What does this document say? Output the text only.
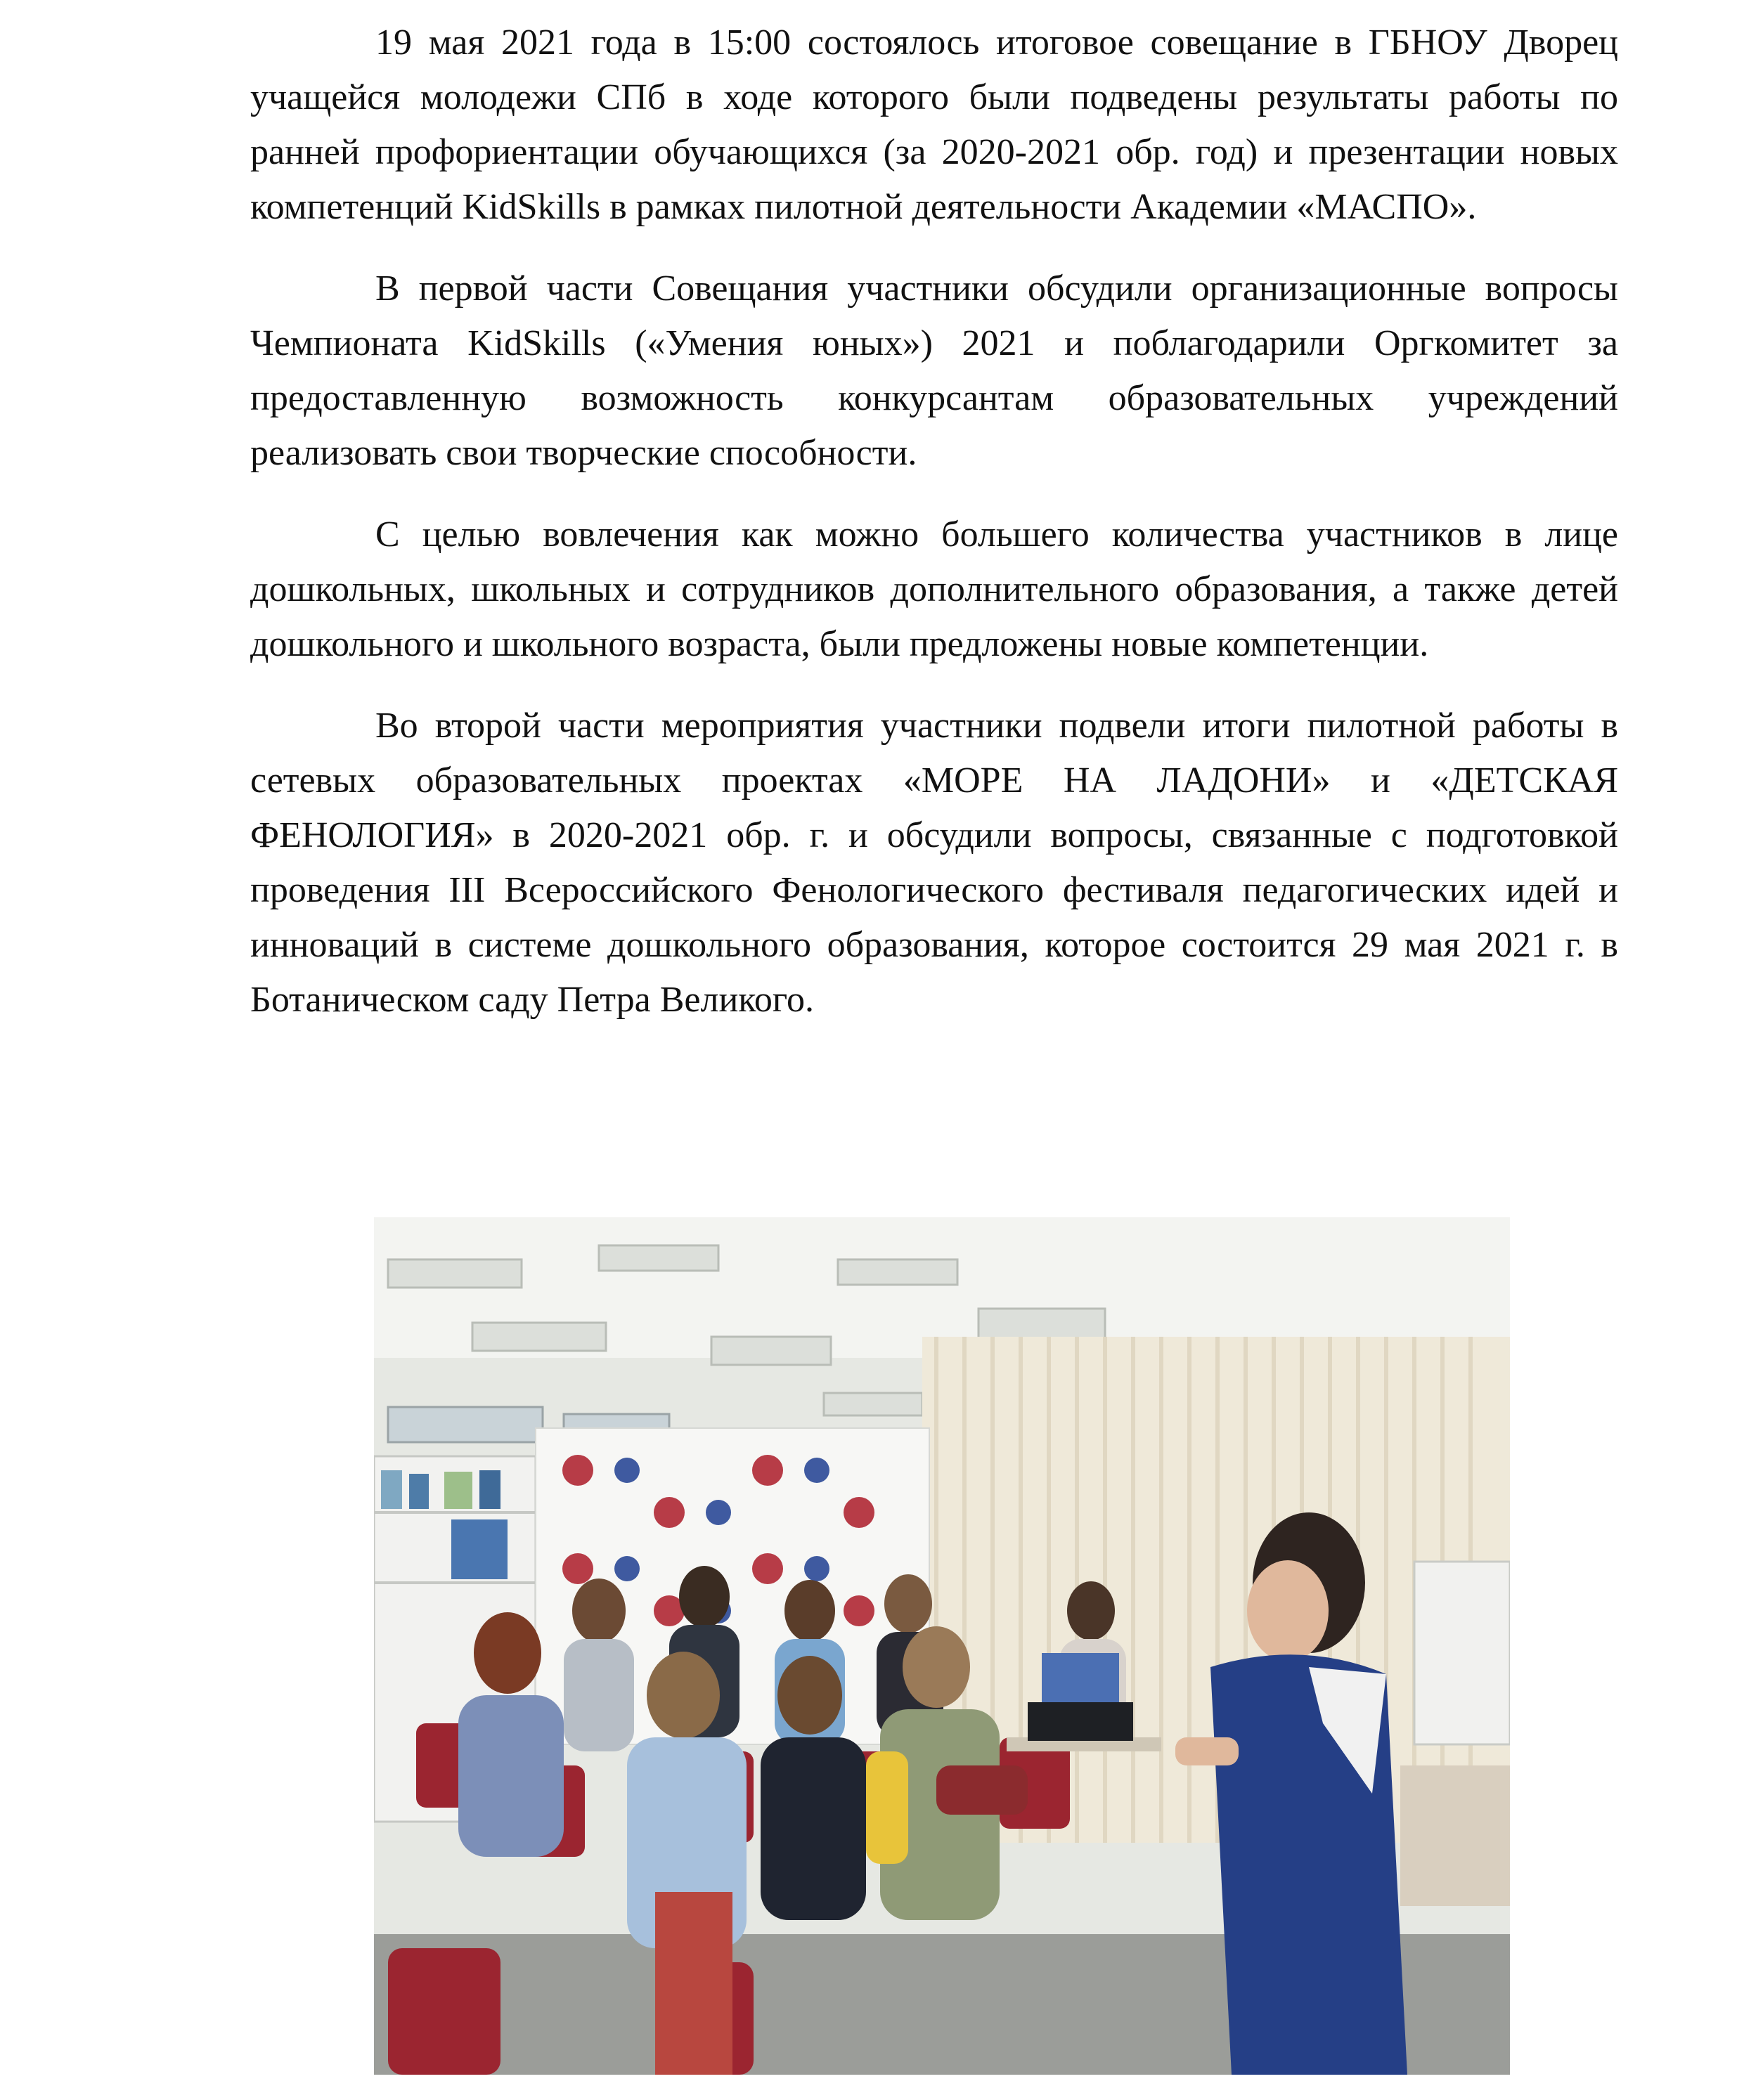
19 мая 2021 года в 15:00 состоялось итоговое совещание в ГБНОУ Дворец учащейся молодежи СПб в ходе которого были подведены результаты работы по ранней профориентации обучающихся (за 2020-2021 обр. год) и презентации новых компетенций KidSkills в рамках пилотной деятельности Академии «МАСПО».

В первой части Совещания участники обсудили организационные вопросы Чемпионата KidSkills («Умения юных») 2021 и поблагодарили Оргкомитет за предоставленную возможность конкурсантам образовательных учреждений реализовать свои творческие способности.

С целью вовлечения как можно большего количества участников в лице дошкольных, школьных и сотрудников дополнительного образования, а также детей дошкольного и школьного возраста, были предложены новые компетенции.

Во второй части мероприятия участники подвели итоги пилотной работы в сетевых образовательных проектах «МОРЕ НА ЛАДОНИ» и «ДЕТСКАЯ ФЕНОЛОГИЯ» в 2020-2021 обр. г. и обсудили вопросы, связанные с подготовкой проведения III Всероссийского Фенологического фестиваля педагогических идей и инноваций в системе дошкольного образования, которое состоится 29 мая 2021 г. в Ботаническом саду Петра Великого.
